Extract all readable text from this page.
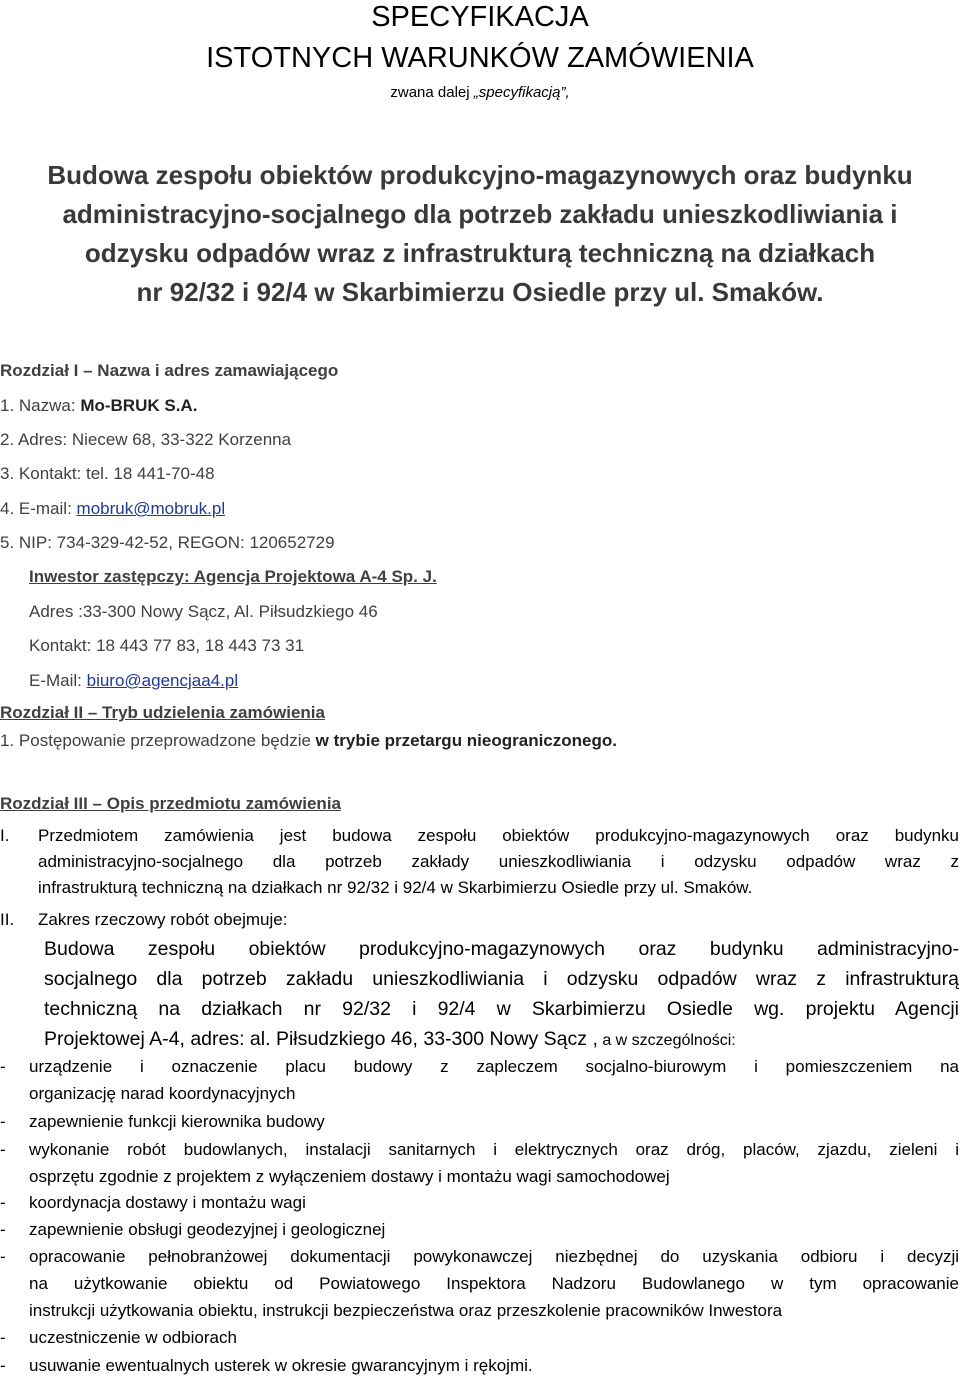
SPECYFIKACJA
ISTOTNYCH WARUNKÓW ZAMÓWIENIA
zwana dalej „specyfikacją”,
Budowa zespołu obiektów produkcyjno-magazynowych oraz budynku
administracyjno-socjalnego dla potrzeb zakładu unieszkodliwiania i
odzysku odpadów wraz z infrastrukturą techniczną na działkach
nr 92/32 i 92/4 w Skarbimierzu Osiedle przy ul. Smaków.
Rozdział I – Nazwa i adres zamawiającego
1. Nazwa: Mo-BRUK S.A.
2. Adres: Niecew 68, 33-322 Korzenna
3. Kontakt: tel. 18 441-70-48
4. E-mail: mobruk@mobruk.pl
5. NIP: 734-329-42-52, REGON: 120652729
Inwestor zastępczy: Agencja Projektowa A-4 Sp. J.
Adres :33-300 Nowy Sącz, Al. Piłsudzkiego 46
Kontakt: 18 443 77 83, 18 443 73 31
E-Mail: biuro@agencjaa4.pl
Rozdział II – Tryb udzielenia zamówienia
1. Postępowanie przeprowadzone będzie w trybie przetargu nieograniczonego.
Rozdział III – Opis przedmiotu zamówienia
I. Przedmiotem zamówienia jest budowa zespołu obiektów produkcyjno-magazynowych oraz budynku
administracyjno-socjalnego dla potrzeb zakłady unieszkodliwiania i odzysku odpadów wraz z
infrastrukturą techniczną na działkach nr 92/32 i 92/4 w Skarbimierzu Osiedle przy ul. Smaków.
II. Zakres rzeczowy robót obejmuje:
Budowa zespołu obiektów produkcyjno-magazynowych oraz budynku administracyjno-
socjalnego dla potrzeb zakładu unieszkodliwiania i odzysku odpadów wraz z infrastrukturą
techniczną na działkach nr 92/32 i 92/4 w Skarbimierzu Osiedle wg. projektu Agencji
Projektowej A-4, adres: al. Piłsudzkiego 46, 33-300 Nowy Sącz , a w szczególności:
- urządzenie i oznaczenie placu budowy z zapleczem socjalno-biurowym i pomieszczeniem na
organizację narad koordynacyjnych
- zapewnienie funkcji kierownika budowy
- wykonanie robót budowlanych, instalacji sanitarnych i elektrycznych oraz dróg, placów, zjazdu, zieleni i
osprzętu zgodnie z projektem z wyłączeniem dostawy i montażu wagi samochodowej
- koordynacja dostawy i montażu wagi
- zapewnienie obsługi geodezyjnej i geologicznej
- opracowanie pełnobranżowej dokumentacji powykonawczej niezbędnej do uzyskania odbioru i decyzji
na użytkowanie obiektu od Powiatowego Inspektora Nadzoru Budowlanego w tym opracowanie
instrukcji użytkowania obiektu, instrukcji bezpieczeństwa oraz przeszkolenie pracowników Inwestora
- uczestniczenie w odbiorach
- usuwanie ewentualnych usterek w okresie gwarancyjnym i rękojmi.
